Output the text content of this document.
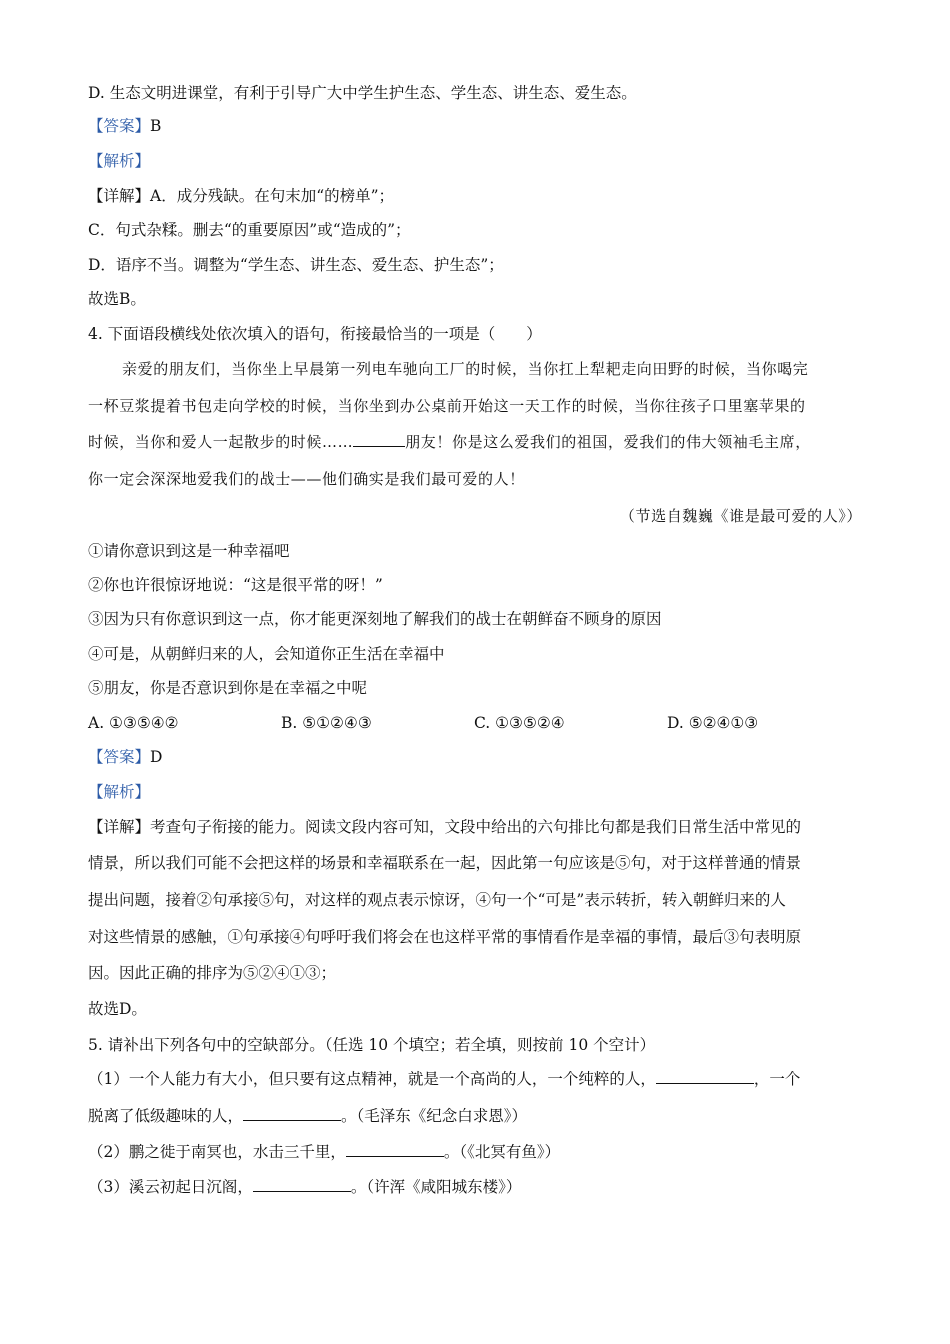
D. 生态文明进课堂，有利于引导广大中学生护生态、学生态、讲生态、爱生态。
【答案】B
【解析】
【详解】A．成分残缺。在句末加“的榜单”；
C．句式杂糅。删去“的重要原因”或“造成的”；
D．语序不当。调整为“学生态、讲生态、爱生态、护生态”；
故选B。
4. 下面语段横线处依次填入的语句，衔接最恰当的一项是（　　）
亲爱的朋友们，当你坐上早晨第一列电车驰向工厂的时候，当你扛上犁耙走向田野的时候，当你喝完
一杯豆浆提着书包走向学校的时候，当你坐到办公桌前开始这一天工作的时候，当你往孩子口里塞苹果的
时候，当你和爱人一起散步的时候……	朋友！你是这么爱我们的祖国，爱我们的伟大领袖毛主席，
你一定会深深地爱我们的战士——他们确实是我们最可爱的人！
（节选自魏巍《谁是最可爱的人》）
①请你意识到这是一种幸福吧
②你也许很惊讶地说：“这是很平常的呀！”
③因为只有你意识到这一点，你才能更深刻地了解我们的战士在朝鲜奋不顾身的原因
④可是，从朝鲜归来的人，会知道你正生活在幸福中
⑤朋友，你是否意识到你是在幸福之中呢
A. ①③⑤④②	B. ⑤①②④③	C. ①③⑤②④	D. ⑤②④①③
【答案】D
【解析】
【详解】考查句子衔接的能力。阅读文段内容可知，文段中给出的六句排比句都是我们日常生活中常见的
情景，所以我们可能不会把这样的场景和幸福联系在一起，因此第一句应该是⑤句，对于这样普通的情景
提出问题，接着②句承接⑤句，对这样的观点表示惊讶，④句一个“可是”表示转折，转入朝鲜归来的人
对这些情景的感触，①句承接④句呼吁我们将会在也这样平常的事情看作是幸福的事情，最后③句表明原
因。因此正确的排序为⑤②④①③；
故选D。
5. 请补出下列各句中的空缺部分。（任选 10 个填空；若全填，则按前 10 个空计）
（1）一个人能力有大小，但只要有这点精神，就是一个高尚的人，一个纯粹的人，	，一个
脱离了低级趣味的人，	。（毛泽东《纪念白求恩》）
（2）鹏之徙于南冥也，水击三千里，	。（《北冥有鱼》）
（3）溪云初起日沉阁，	。（许浑《咸阳城东楼》）
